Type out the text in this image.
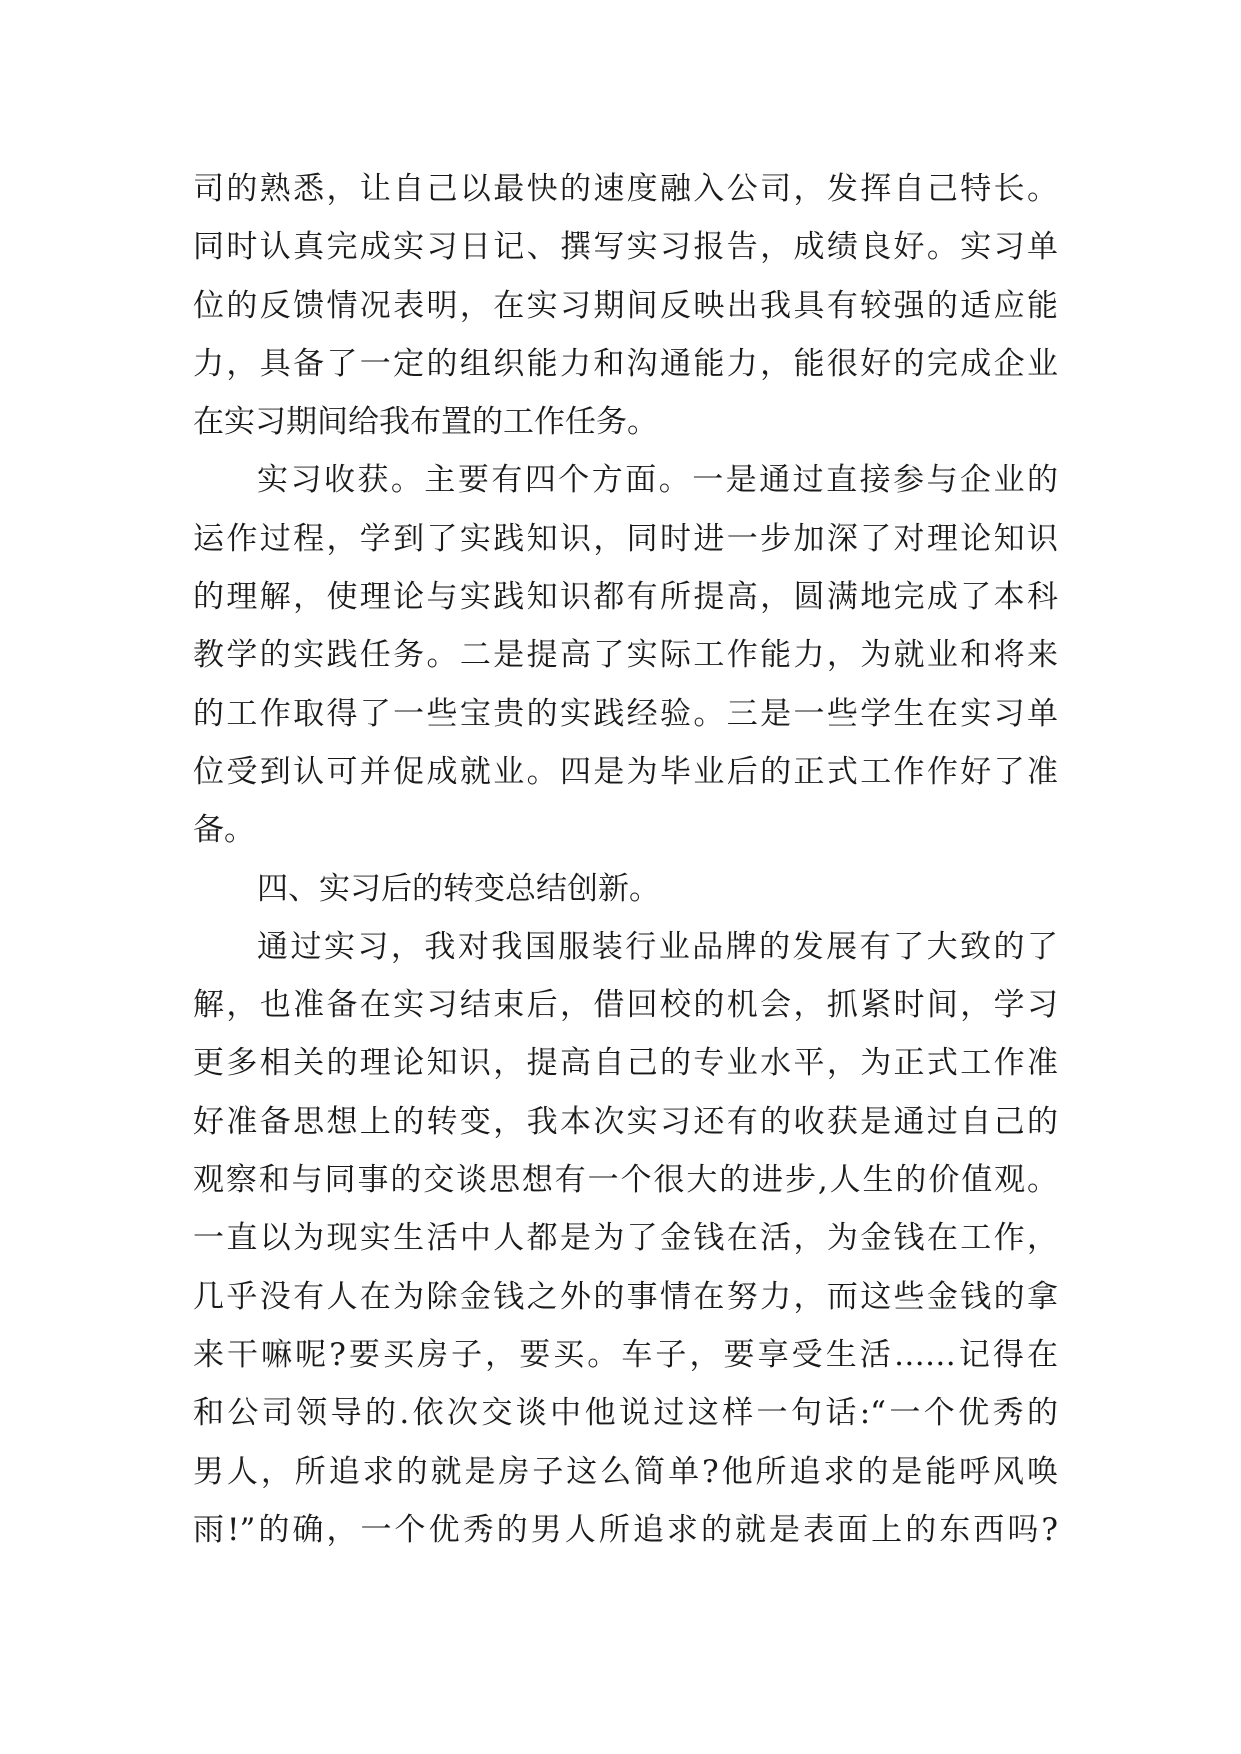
司的熟悉，让自己以最快的速度融入公司，发挥自己特长。
同时认真完成实习日记、撰写实习报告，成绩良好。实习单
位的反馈情况表明，在实习期间反映出我具有较强的适应能
力，具备了一定的组织能力和沟通能力，能很好的完成企业
在实习期间给我布置的工作任务。
实习收获。主要有四个方面。一是通过直接参与企业的
运作过程，学到了实践知识，同时进一步加深了对理论知识
的理解，使理论与实践知识都有所提高，圆满地完成了本科
教学的实践任务。二是提高了实际工作能力，为就业和将来
的工作取得了一些宝贵的实践经验。三是一些学生在实习单
位受到认可并促成就业。四是为毕业后的正式工作作好了准
备。
四、实习后的转变总结创新。
通过实习，我对我国服装行业品牌的发展有了大致的了
解，也准备在实习结束后，借回校的机会，抓紧时间，学习
更多相关的理论知识，提高自己的专业水平，为正式工作准
好准备思想上的转变，我本次实习还有的收获是通过自己的
观察和与同事的交谈思想有一个很大的进步,人生的价值观。
一直以为现实生活中人都是为了金钱在活，为金钱在工作，
几乎没有人在为除金钱之外的事情在努力，而这些金钱的拿
来干嘛呢?要买房子，要买。车子，要享受生活……记得在
和公司领导的.依次交谈中他说过这样一句话:“一个优秀的
男人，所追求的就是房子这么简单?他所追求的是能呼风唤
雨!”的确，一个优秀的男人所追求的就是表面上的东西吗?
